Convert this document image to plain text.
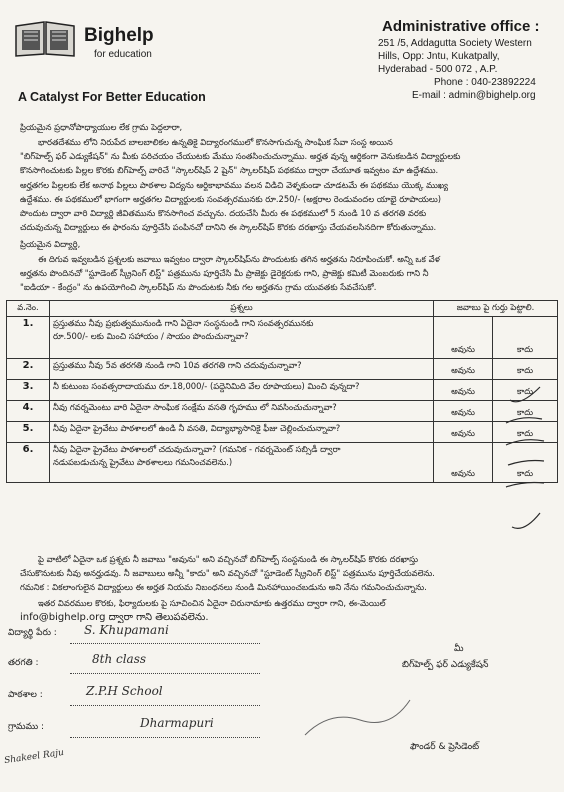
Bighelp
for education
A Catalyst For Better Education
Administrative office :
251 /5, Addagutta Society Western
Hills, Opp: Jntu, Kukatpally,
Hyderabad - 500 072 , A.P.
Phone : 040-23892224
E-mail : admin@bighelp.org
ప్రియమైన ప్రధానోపాధ్యాయుల లేక గ్రామ పెద్దలారా,
భారతదేశము లోని నిరుపేద బాలబాలికల ఉన్నతికై విద్యారంగములో కొనసాగుచున్న సాంఘిక సేవా సంస్థ అయిన
"బిగ్‌హెల్ప్ ఫర్ ఎడ్యుకేషన్" ను మీకు పరిచయం చేయుటకు మేము సంతసించుచున్నాము. అర్హత వున్న ఆర్థికంగా వెనుకబడిన విద్యార్థులకు
కొనసాగించుటకు పిల్లల కొరకు బిగ్‌హెల్ప్ వారిచే "స్కాలర్‌షిప్ 2 షైన్" స్కాలర్‌షిప్ పథకము ద్వారా చేయూత ఇవ్వటం మా ఉద్దేశము.
అర్హతగల పిల్లలకు లేక అనాథ పిల్లలు పాఠశాల విద్యను ఆర్థికాభావము వలన విడిచి వెళ్ళకుండా చూడటమే ఈ పథకము యొక్క ముఖ్య
ఉద్దేశము. ఈ పథకములో భాగంగా అర్హతగల విద్యార్థులకు సంవత్సరమునకు రూ.250/- (అక్షరాల రెండువందల యాభై రూపాయలు)
పొందుట ద్వారా వారి విద్యార్థి జీవితమును కొనసాగించ వచ్చును. దయచేసి మీరు ఈ పథకములో 5 నుండి 10 వ తరగతి వరకు
చదువుచున్న విద్యార్థులు ఈ ఫారంను పూర్తిచేసి పంపినచో దానిని ఈ స్కాలర్‌షిప్ కొరకు దరఖాస్తు చేయవలసినదిగా కోరుతున్నాము.
ప్రియమైన విద్యార్థి,
ఈ దిగువ ఇవ్వబడిన ప్రశ్నలకు జవాబు ఇవ్వటం ద్వారా స్కాలర్‌షిప్‌ను పొందుటకు తగిన అర్హతను నిరూపించుకో. అన్ని ఒక వేళ
అర్హతను పొందినచో "స్టూడెంట్ స్క్రీనింగ్ లిస్ట్" పత్రమును పూర్తిచేసి మీ ప్రాజెక్టు డైరెక్టరుకు గాని, ప్రాజెక్టు కమిటీ మెంబరుకు గాని నీ
"ఐడియా - కేంద్రం" ను ఉపయోగించి స్కాలర్‌షిప్ ను పొందుటకు నీకు గల అర్హతను గ్రామ యువతకు సేవచేసుకో.
వ.నెం.	ప్రశ్నలు	జవాబు పై గుర్తు పెట్టాలి.	
1.	ప్రస్తుతము నీవు ప్రభుత్వమునుండి గాని ఏదైనా సంస్థనుండి గాని సంవత్సరమునకు
రూ.500/- లకు మించి సహాయం / సాయం పొందుచున్నావా?	అవును	కాదు
2.	ప్రస్తుతము నీవు 5వ తరగతి నుండి గాని 10వ తరగతి గాని చదువుచున్నావా?	అవును	కాదు
3.	నీ కుటుంబ సంవత్సరాదాయము రూ.18,000/- (పద్దెనిమిది వేల రూపాయలు) మించి వున్నదా?	అవును	కాదు
4.	నీవు గవర్నమెంటు వారి ఏదైనా సాంఘిక సంక్షేమ వసతి గృహము లో నివసించుచున్నావా?	అవును	కాదు
5.	నీవు ఏదైనా ప్రైవేటు పాఠశాలలో ఉండి నీ వసతి, విద్యాభ్యాసానికై ఫీజు చెల్లించుచున్నావా?	అవును	కాదు
6.	నీవు ఏదైనా ప్రైవేటు పాఠశాలలో చదువుచున్నావా? (గమనిక - గవర్నమెంట్ సబ్సిడీ ద్వారా
నడుపబడుచున్న ప్రైవేటు పాఠశాలలు గమనించవలెను.)	అవును	కాదు
పై వాటిలో ఏదైనా ఒక ప్రశ్నకు నీ జవాబు "అవును" అని వచ్చినచో బిగ్‌హెల్ప్ సంస్థనుండి ఈ స్కాలర్‌షిప్ కొరకు దరఖాస్తు
చేసుకొనుటకు నీవు అనర్హుడవు. నీ జవాబులు అన్నీ "కాదు" అని వచ్చినచో "స్టూడెంట్ స్క్రీనింగ్ లిస్ట్" పత్రమును పూర్తిచేయవలెను.
గమనిక : వికలాంగులైన విద్యార్థులు ఈ అర్హత నియమ నిబంధనలు నుండి మినహాయించబడును అని నేను గమనించుచున్నాను.
ఇతర వివరముల కొరకు, ఫిర్యాదులకు పై సూచించిన ఏదైనా చిరునామాకు ఉత్తరము ద్వారా గాని, ఈ-మెయిల్
info@bighelp.org ద్వారా గాని తెలుపవలెను.
విద్యార్థి పేరు : S. Khupamani
తరగతి :	8th class
పాఠశాల :	Z.P.H School
గ్రామము :	Dharmapuri
Shakeel Raju
మీ
బిగ్‌హెల్ప్ ఫర్ ఎడ్యుకేషన్
ఫౌండర్ & ప్రెసిడెంట్
